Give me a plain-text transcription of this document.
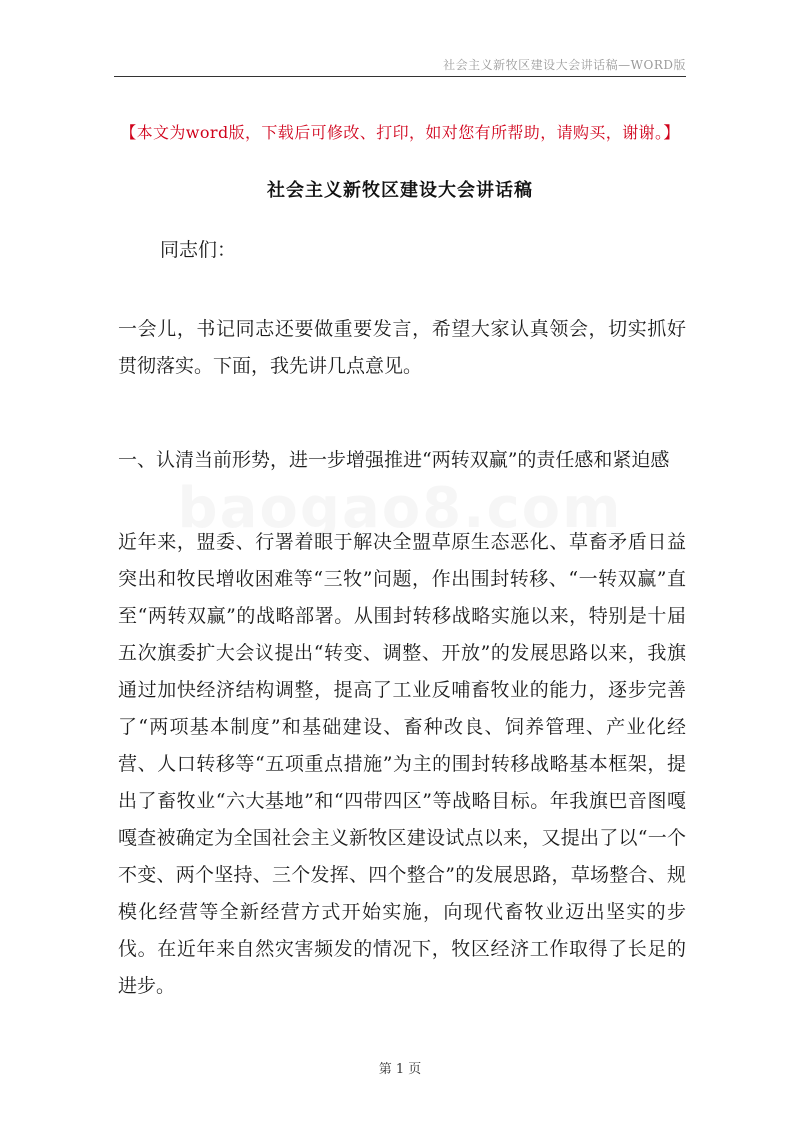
社会主义新牧区建设大会讲话稿—WORD版
【本文为word版，下载后可修改、打印，如对您有所帮助，请购买，谢谢。】
社会主义新牧区建设大会讲话稿
同志们：

一会儿，书记同志还要做重要发言，希望大家认真领会，切实抓好贯彻落实。下面，我先讲几点意见。

一、认清当前形势，进一步增强推进“两转双赢”的责任感和紧迫感

近年来，盟委、行署着眼于解决全盟草原生态恶化、草畜矛盾日益突出和牧民增收困难等“三牧”问题，作出围封转移、“一转双赢”直至“两转双赢”的战略部署。从围封转移战略实施以来，特别是十届五次旗委扩大会议提出“转变、调整、开放”的发展思路以来，我旗通过加快经济结构调整，提高了工业反哺畜牧业的能力，逐步完善了“两项基本制度”和基础建设、畜种改良、饲养管理、产业化经营、人口转移等“五项重点措施”为主的围封转移战略基本框架，提出了畜牧业“六大基地”和“四带四区”等战略目标。年我旗巴音图嘎嘎查被确定为全国社会主义新牧区建设试点以来，又提出了以“一个不变、两个坚持、三个发挥、四个整合”的发展思路，草场整合、规模化经营等全新经营方式开始实施，向现代畜牧业迈出坚实的步伐。在近年来自然灾害频发的情况下，牧区经济工作取得了长足的进步。

第 1 页
